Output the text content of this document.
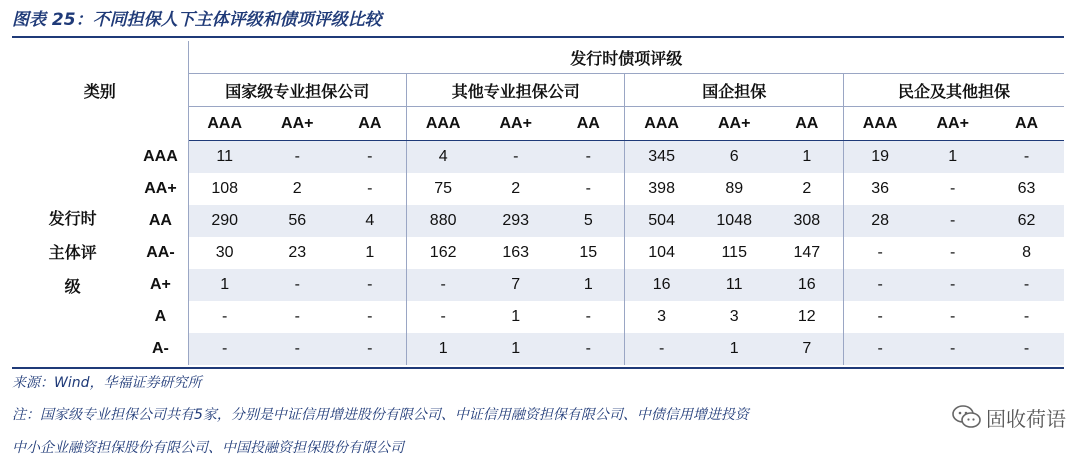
图表 25：不同担保人下主体评级和债项评级比较
类别		发行时债项评级											
		国家级专业担保公司			其他专业担保公司			国企担保			民企及其他担保		
		AAA	AA+	AA	AAA	AA+	AA	AAA	AA+	AA	AAA	AA+	AA

发行时
主体评
级	AAA	11	-	-	4	-	-	345	6	1	19	1	-
	AA+	108	2	-	75	2	-	398	89	2	36	-	63
	AA	290	56	4	880	293	5	504	1048	308	28	-	62
	AA-	30	23	1	162	163	15	104	115	147	-	-	8
	A+	1	-	-	-	7	1	16	11	16	-	-	-
	A	-	-	-	-	1	-	3	3	12	-	-	-
	A-	-	-	-	1	1	-	-	1	7	-	-	-
来源：Wind，华福证券研究所
注：国家级专业担保公司共有5家，分别是中证信用增进股份有限公司、中证信用融资担保有限公司、中债信用增进投资
中小企业融资担保股份有限公司、中国投融资担保股份有限公司
固收荷语
